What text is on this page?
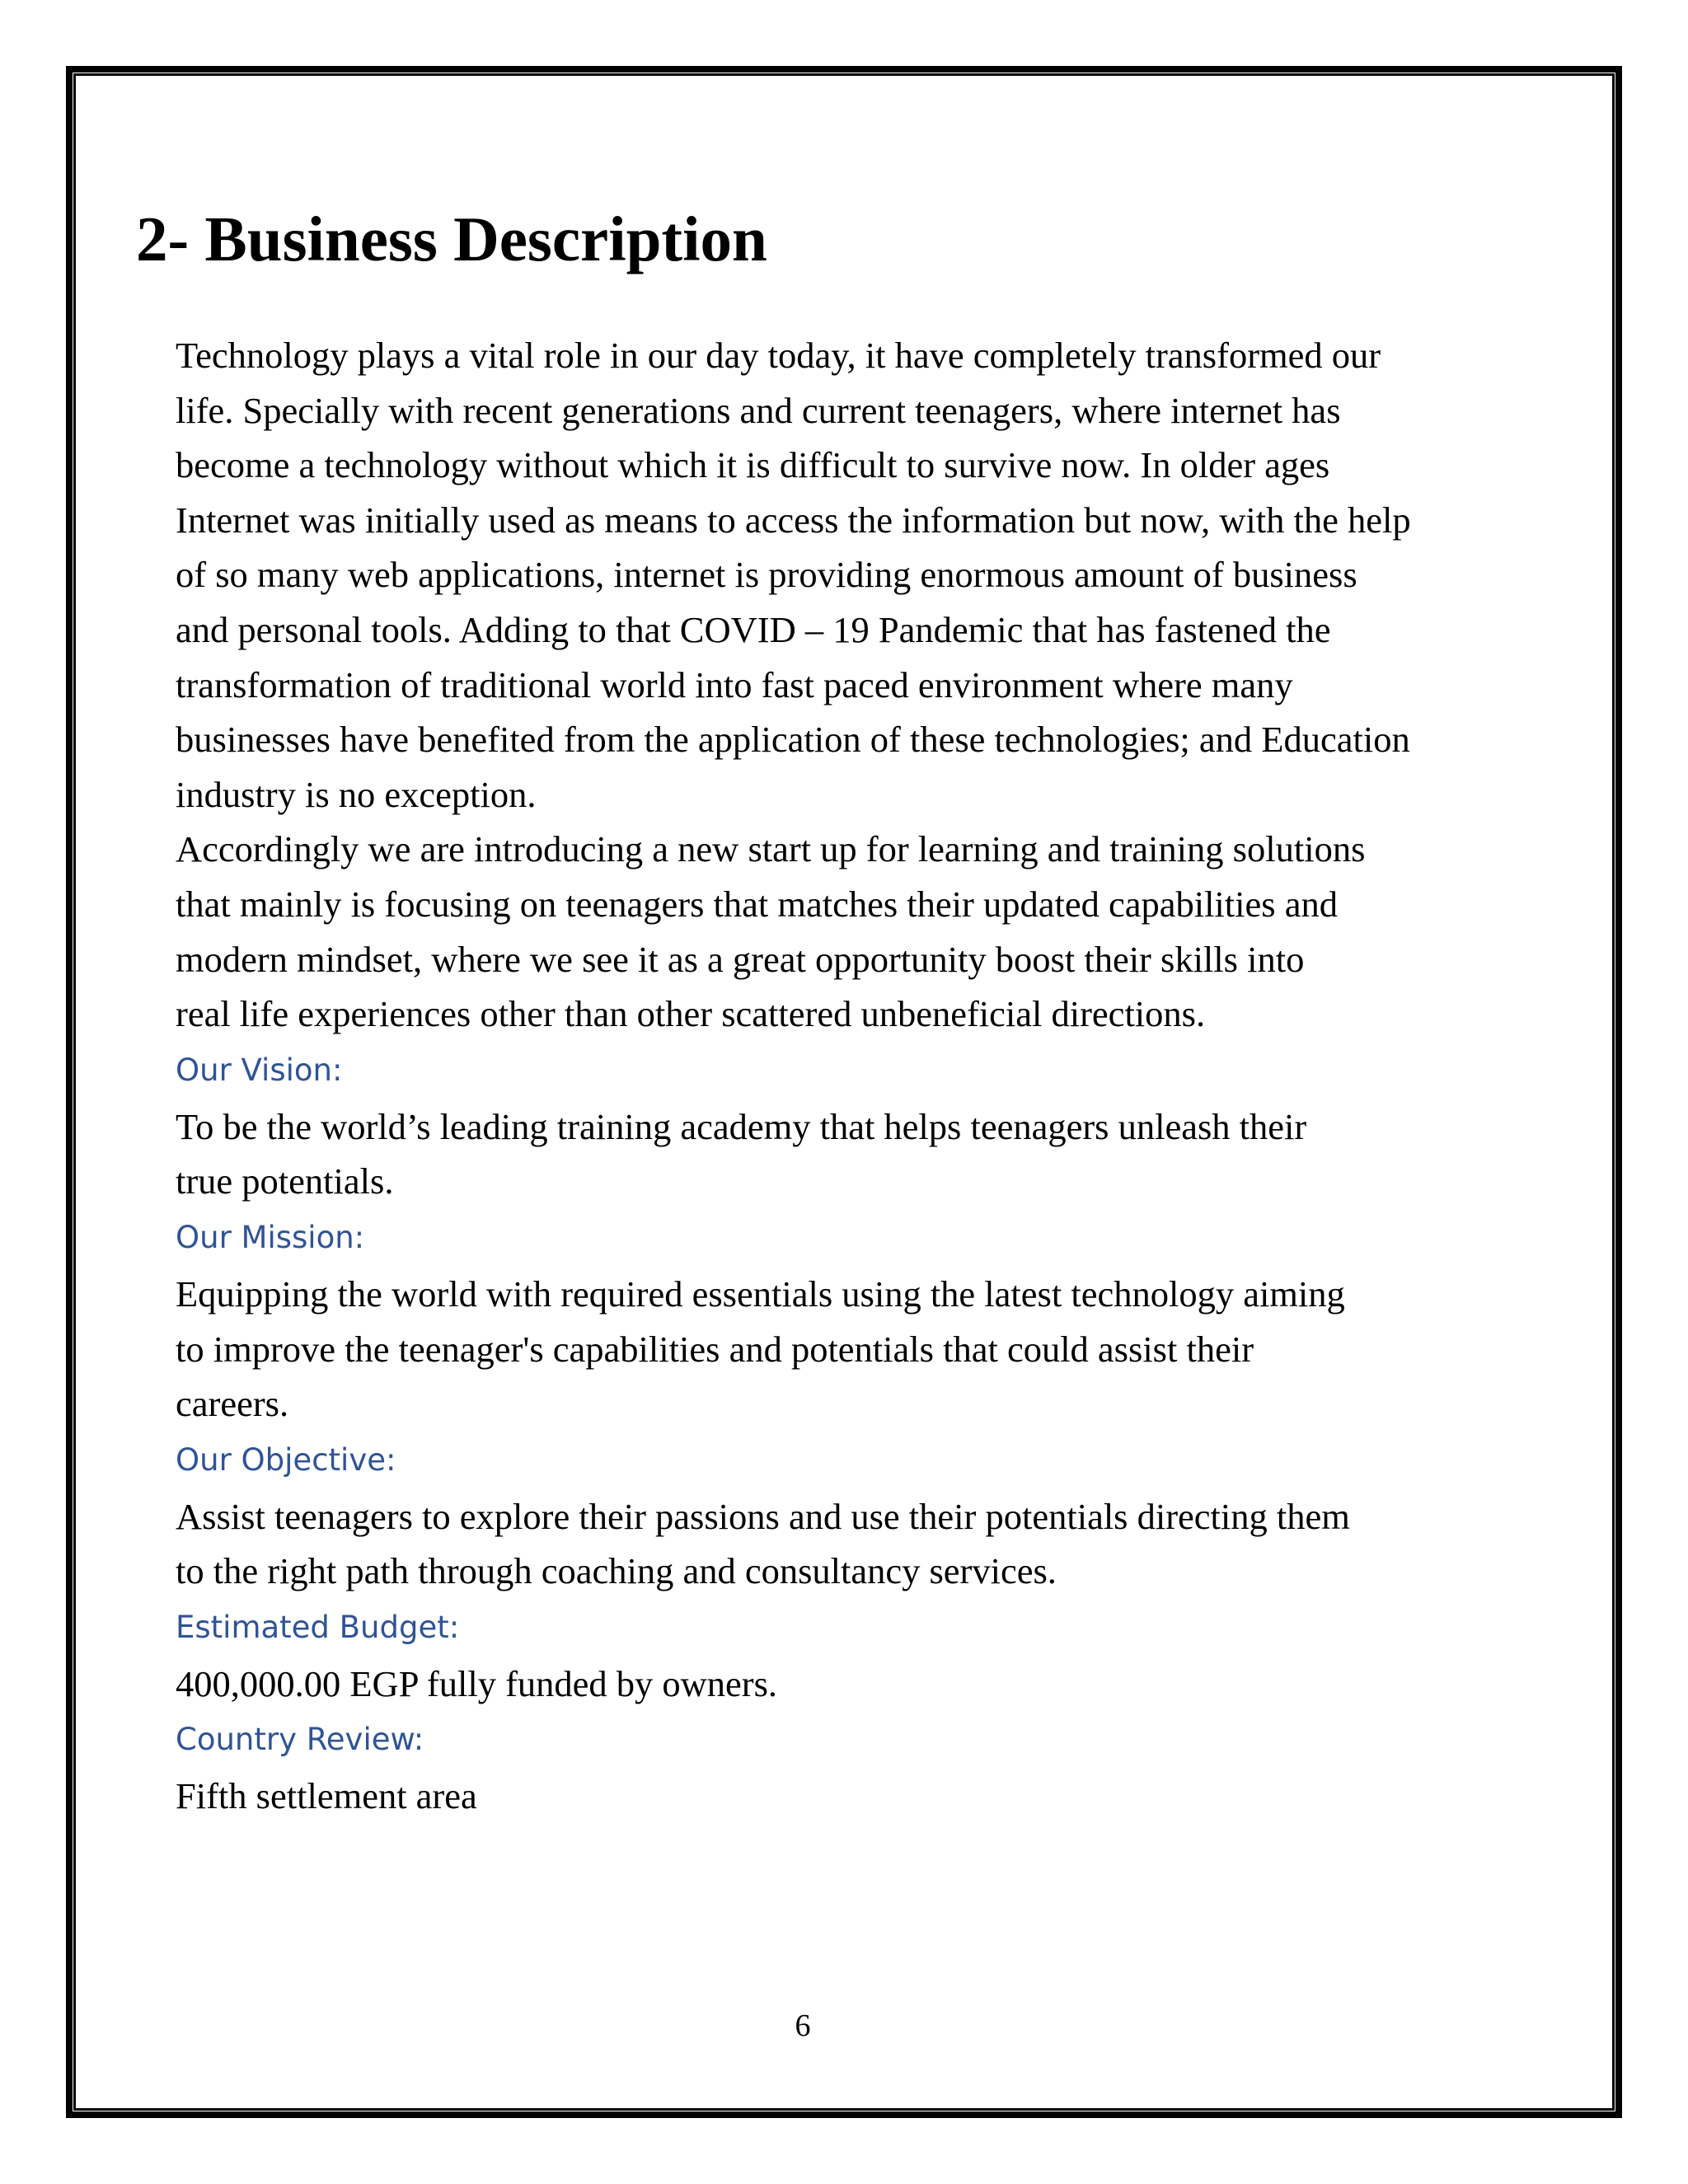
2- Business Description

Technology plays a vital role in our day today, it have completely transformed our
life. Specially with recent generations and current teenagers, where internet has
become a technology without which it is difficult to survive now. In older ages
Internet was initially used as means to access the information but now, with the help
of so many web applications, internet is providing enormous amount of business
and personal tools. Adding to that COVID – 19 Pandemic that has fastened the
transformation of traditional world into fast paced environment where many
businesses have benefited from the application of these technologies; and Education
industry is no exception.
Accordingly we are introducing a new start up for learning and training solutions
that mainly is focusing on teenagers that matches their updated capabilities and
modern mindset, where we see it as a great opportunity boost their skills into
real life experiences other than other scattered unbeneficial directions.

Our Vision:

To be the world’s leading training academy that helps teenagers unleash their
true potentials.

Our Mission:

Equipping the world with required essentials using the latest technology aiming
to improve the teenager's capabilities and potentials that could assist their
careers.

Our Objective:

Assist teenagers to explore their passions and use their potentials directing them
to the right path through coaching and consultancy services.

Estimated Budget:

400,000.00 EGP fully funded by owners.

Country Review:

Fifth settlement area

6
